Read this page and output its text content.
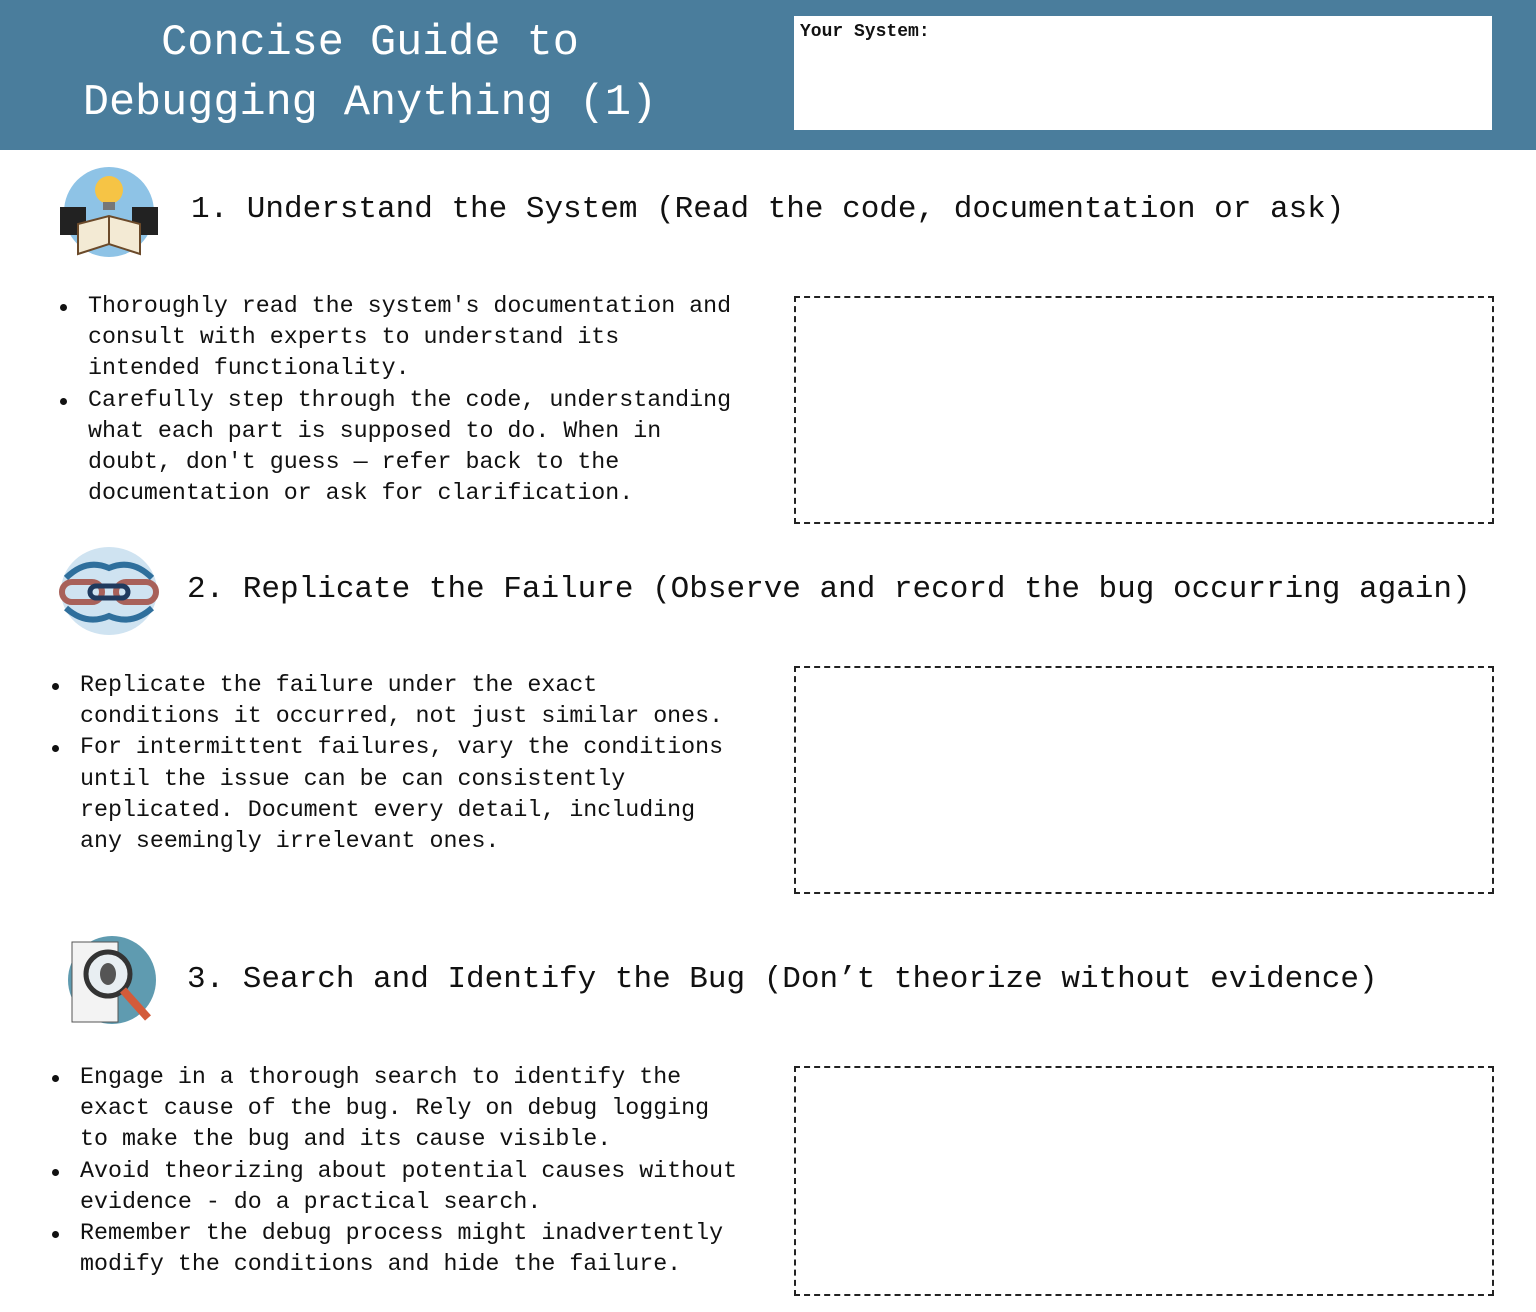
Concise Guide to
Debugging Anything (1)
Your System:
1. Understand the System (Read the code, documentation or ask)
Thoroughly read the system's documentation and
consult with experts to understand its
intended functionality.
Carefully step through the code, understanding
what each part is supposed to do. When in
doubt, don't guess — refer back to the
documentation or ask for clarification.
2. Replicate the Failure (Observe and record the bug occurring again)
Replicate the failure under the exact
conditions it occurred, not just similar ones.
For intermittent failures, vary the conditions
until the issue can be can consistently
replicated. Document every detail, including
any seemingly irrelevant ones.
3. Search and Identify the Bug (Don’t theorize without evidence)
Engage in a thorough search to identify the
exact cause of the bug. Rely on debug logging
to make the bug and its cause visible.
Avoid theorizing about potential causes without
evidence - do a practical search.
Remember the debug process might inadvertently
modify the conditions and hide the failure.
